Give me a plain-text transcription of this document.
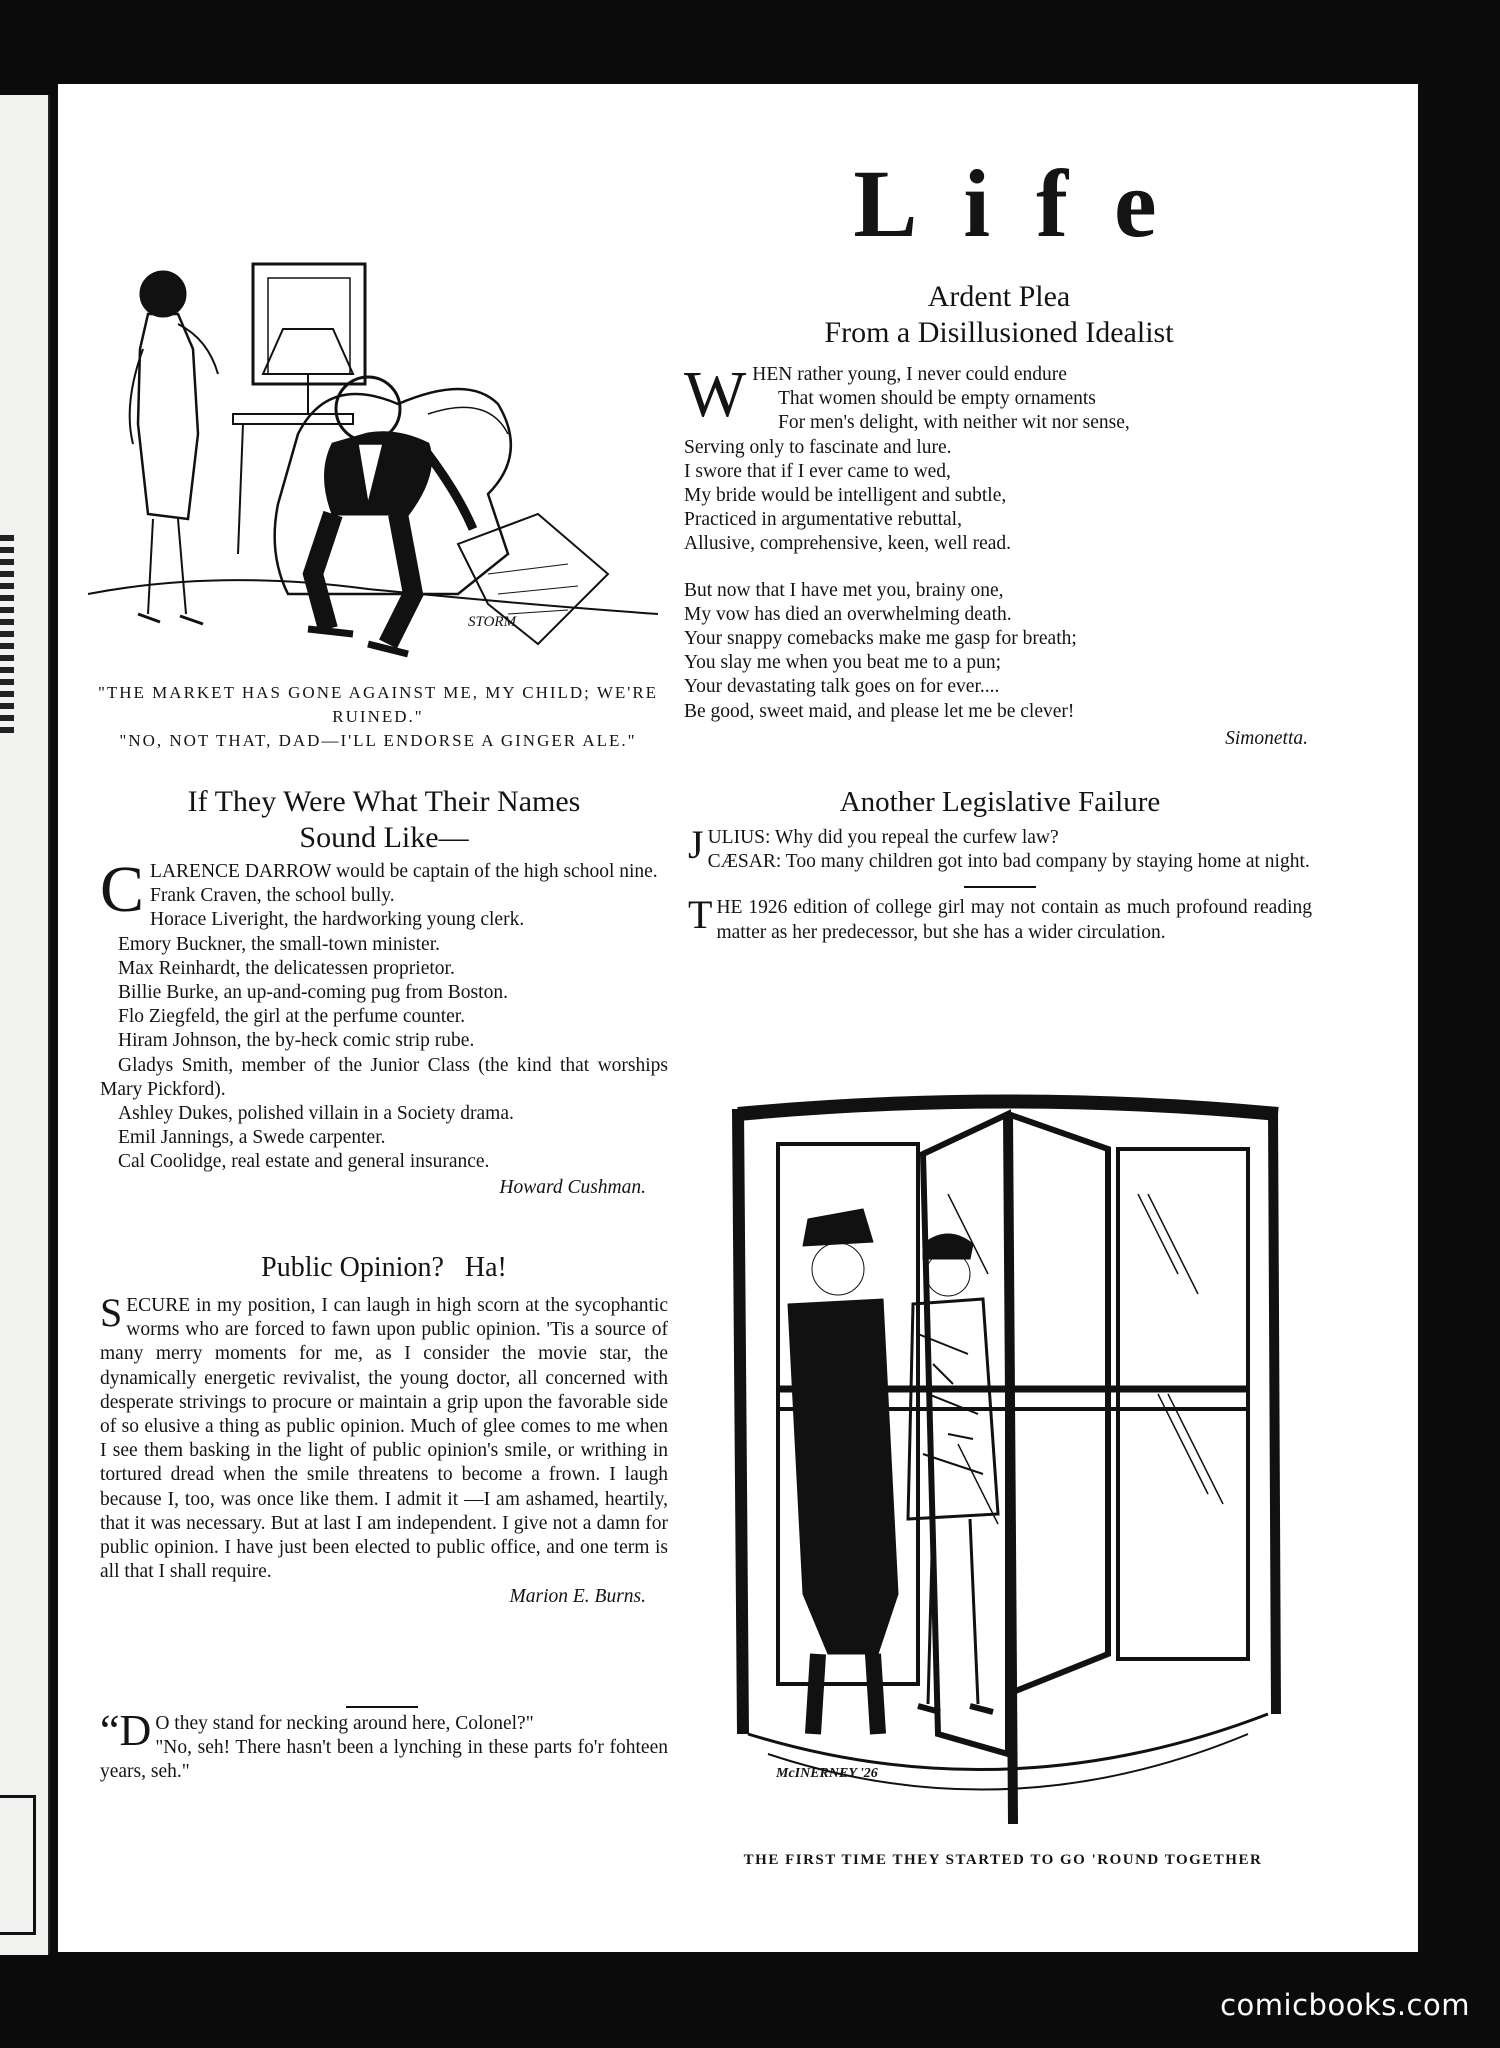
STORM
"THE MARKET HAS GONE AGAINST ME, MY CHILD; WE'RE RUINED."
"NO, NOT THAT, DAD—I'LL ENDORSE A GINGER ALE."
Life
Ardent Plea
From a Disillusioned Idealist
W HEN rather young, I never could endure
That women should be empty ornaments
For men's delight, with neither wit nor sense,
Serving only to fascinate and lure.
I swore that if I ever came to wed,
My bride would be intelligent and subtle,
Practiced in argumentative rebuttal,
Allusive, comprehensive, keen, well read.
But now that I have met you, brainy one,
My vow has died an overwhelming death.
Your snappy comebacks make me gasp for breath;
You slay me when you beat me to a pun;
Your devastating talk goes on for ever....
Be good, sweet maid, and please let me be clever!
Simonetta.
Another Legislative Failure
J ULIUS: Why did you repeal the curfew law?
CÆSAR: Too many children got into bad company by staying home at night.
T HE 1926 edition of college girl may not contain as much profound reading matter as her predecessor, but she has a wider circulation.
McINERNEY '26
THE FIRST TIME THEY STARTED TO GO 'ROUND TOGETHER
If They Were What Their Names
Sound Like—
C LARENCE DARROW would be captain of the high school nine.
Frank Craven, the school bully.
Horace Liveright, the hardworking young clerk.
Emory Buckner, the small-town minister.
Max Reinhardt, the delicatessen proprietor.
Billie Burke, an up-and-coming pug from Boston.
Flo Ziegfeld, the girl at the perfume counter.
Hiram Johnson, the by-heck comic strip rube.
Gladys Smith, member of the Junior Class (the kind that worships Mary Pickford).
Ashley Dukes, polished villain in a Society drama.
Emil Jannings, a Swede carpenter.
Cal Coolidge, real estate and general insurance.
Howard Cushman.
Public Opinion?   Ha!
S ECURE in my position, I can laugh in high scorn at the sycophantic worms who are forced to fawn upon public opinion. 'Tis a source of many merry moments for me, as I consider the movie star, the dynamically energetic revivalist, the young doctor, all concerned with desperate strivings to procure or maintain a grip upon the favorable side of so elusive a thing as public opinion. Much of glee comes to me when I see them basking in the light of public opinion's smile, or writhing in tortured dread when the smile threatens to become a frown. I laugh because I, too, was once like them. I admit it —I am ashamed, heartily, that it was necessary. But at last I am independent. I give not a damn for public opinion. I have just been elected to public office, and one term is all that I shall require.
Marion E. Burns.
“D O they stand for necking around here, Colonel?"
"No, seh! There hasn't been a lynching in these parts fo'r fohteen years, seh."
comicbooks.com
